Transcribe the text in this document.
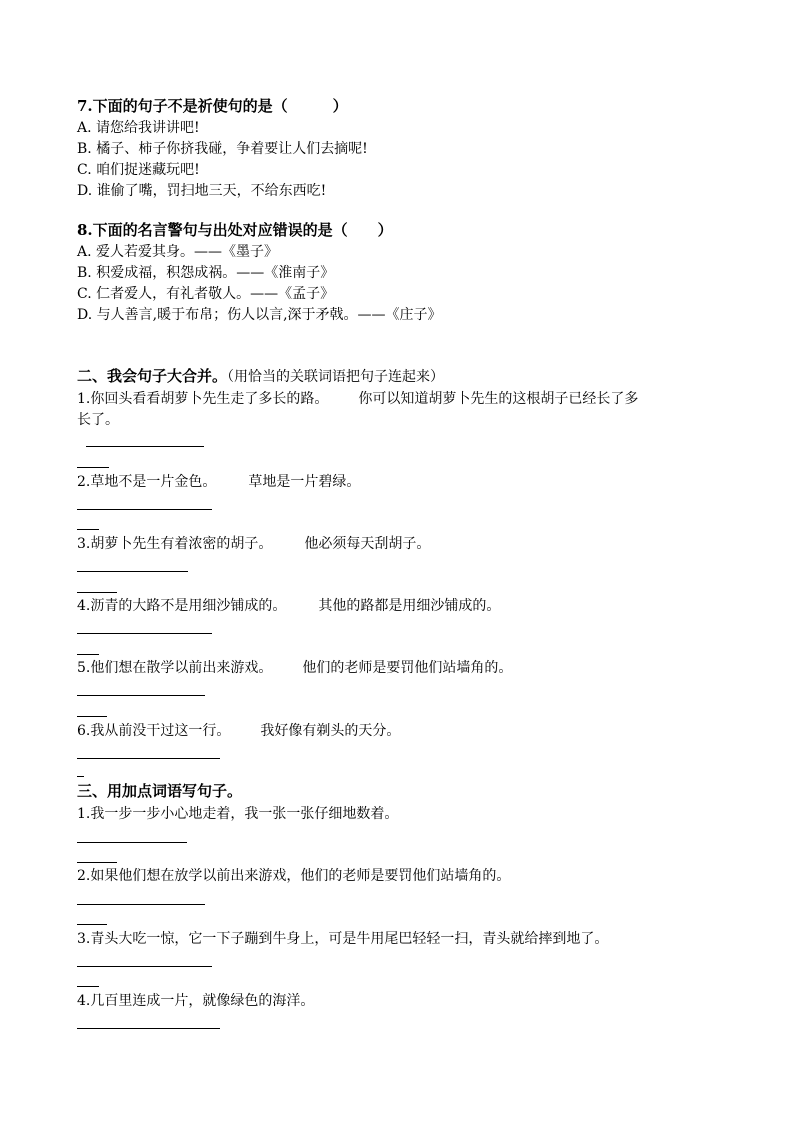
7.下面的句子不是祈使句的是（　　　）
A. 请您给我讲讲吧!
B. 橘子、柿子你挤我碰，争着要让人们去摘呢!
C. 咱们捉迷藏玩吧!
D. 谁偷了嘴，罚扫地三天，不给东西吃!
8.下面的名言警句与出处对应错误的是（　　）
A. 爱人若爱其身。——《墨子》
B. 积爱成福，积怨成祸。——《淮南子》
C. 仁者爱人，有礼者敬人。——《孟子》
D. 与人善言,暖于布帛；伤人以言,深于矛戟。——《庄子》
二、我会句子大合并。（用恰当的关联词语把句子连起来）
1.你回头看看胡萝卜先生走了多长的路。 你可以知道胡萝卜先生的这根胡子已经长了多
长了。
2.草地不是一片金色。 草地是一片碧绿。
3.胡萝卜先生有着浓密的胡子。 他必须每天刮胡子。
4.沥青的大路不是用细沙铺成的。 其他的路都是用细沙铺成的。
5.他们想在散学以前出来游戏。 他们的老师是要罚他们站墙角的。
6.我从前没干过这一行。 我好像有剃头的天分。
三、用加点词语写句子。
1.我一步一步小心地走着，我一张一张仔细地数着。
2.如果他们想在放学以前出来游戏，他们的老师是要罚他们站墙角的。
3.青头大吃一惊，它一下子蹦到牛身上，可是牛用尾巴轻轻一扫，青头就给摔到地了。
4.几百里连成一片，就像绿色的海洋。
